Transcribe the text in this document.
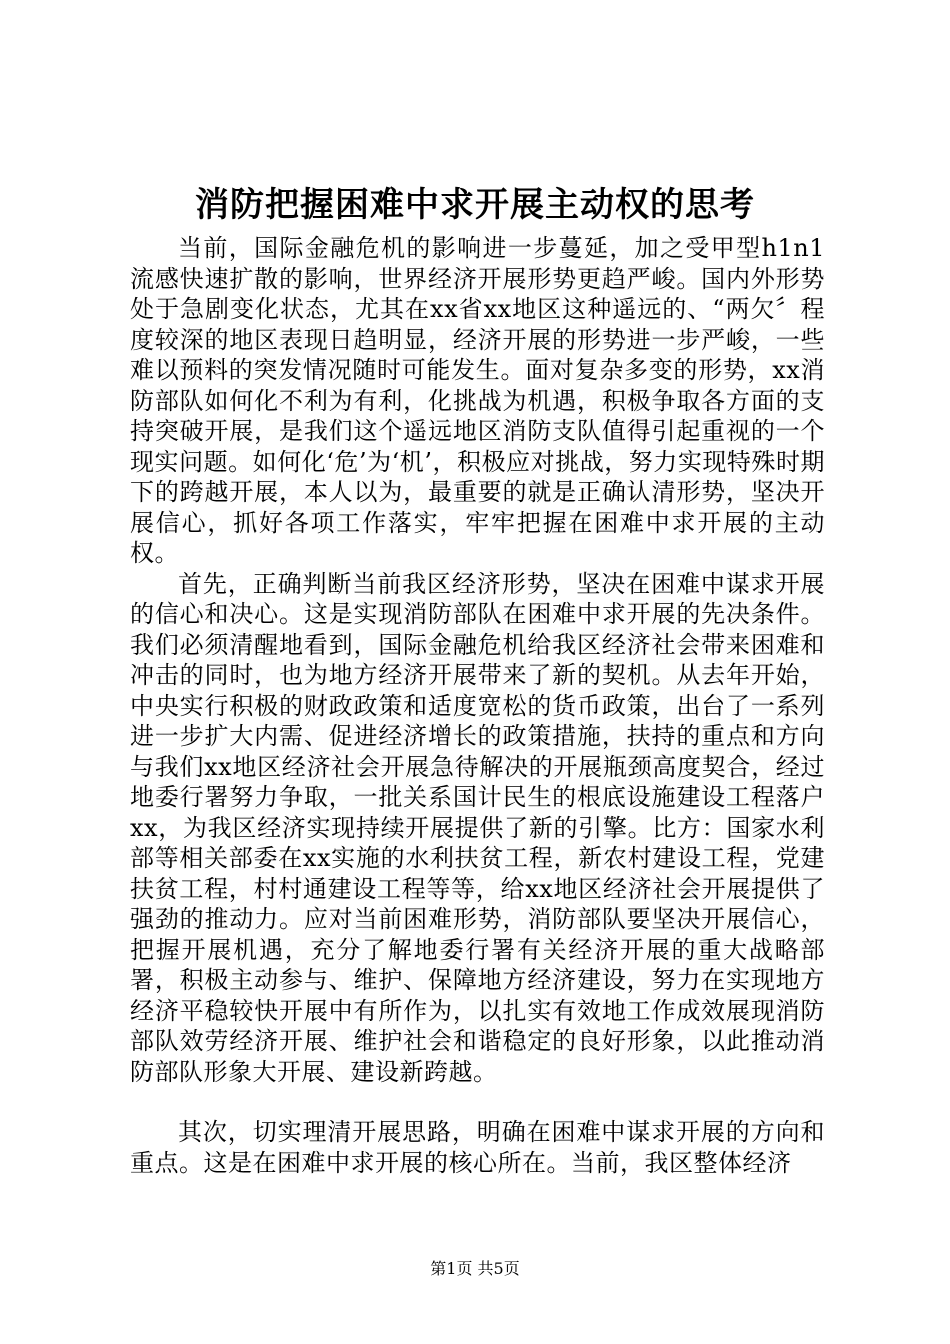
消防把握困难中求开展主动权的思考

当前，国际金融危机的影响进一步蔓延，加之受甲型h1n1流感快速扩散的影响，世界经济开展形势更趋严峻。国内外形势处于急剧变化状态，尤其在xx省xx地区这种遥远的、“两欠〞程度较深的地区表现日趋明显，经济开展的形势进一步严峻，一些难以预料的突发情况随时可能发生。面对复杂多变的形势，xx消防部队如何化不利为有利，化挑战为机遇，积极争取各方面的支持突破开展，是我们这个遥远地区消防支队值得引起重视的一个现实问题。如何化‘危’为‘机’，积极应对挑战，努力实现特殊时期下的跨越开展，本人以为，最重要的就是正确认清形势，坚决开展信心，抓好各项工作落实，牢牢把握在困难中求开展的主动权。

首先，正确判断当前我区经济形势，坚决在困难中谋求开展的信心和决心。这是实现消防部队在困难中求开展的先决条件。我们必须清醒地看到，国际金融危机给我区经济社会带来困难和冲击的同时，也为地方经济开展带来了新的契机。从去年开始，中央实行积极的财政政策和适度宽松的货币政策，出台了一系列进一步扩大内需、促进经济增长的政策措施，扶持的重点和方向与我们xx地区经济社会开展急待解决的开展瓶颈高度契合，经过地委行署努力争取，一批关系国计民生的根底设施建设工程落户xx，为我区经济实现持续开展提供了新的引擎。比方：国家水利部等相关部委在xx实施的水利扶贫工程，新农村建设工程，党建扶贫工程，村村通建设工程等等，给xx地区经济社会开展提供了强劲的推动力。应对当前困难形势，消防部队要坚决开展信心，把握开展机遇，充分了解地委行署有关经济开展的重大战略部署，积极主动参与、维护、保障地方经济建设，努力在实现地方经济平稳较快开展中有所作为，以扎实有效地工作成效展现消防部队效劳经济开展、维护社会和谐稳定的良好形象，以此推动消防部队形象大开展、建设新跨越。

其次，切实理清开展思路，明确在困难中谋求开展的方向和重点。这是在困难中求开展的核心所在。当前，我区整体经济

第1页 共5页
